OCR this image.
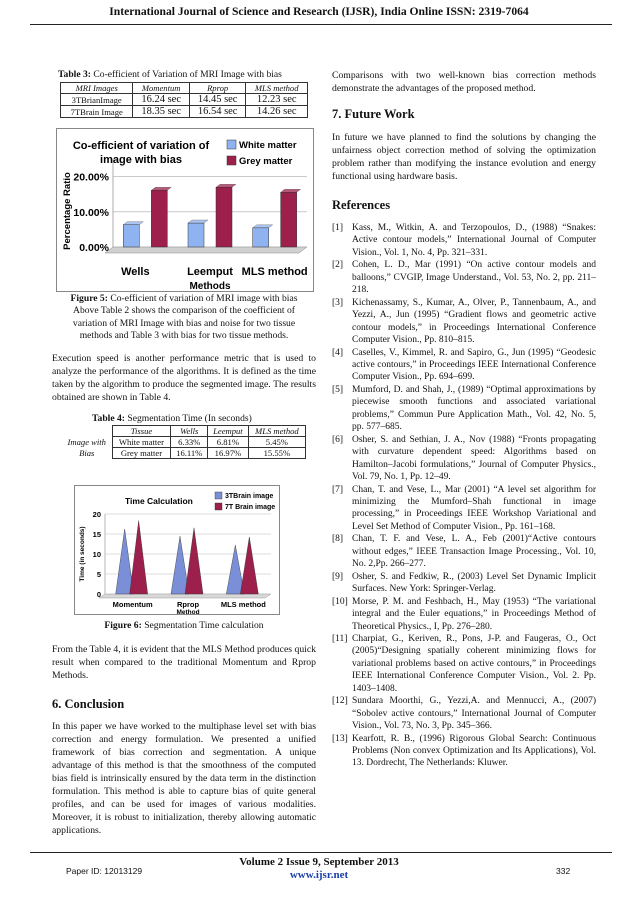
International Journal of Science and Research (IJSR), India Online ISSN: 2319-7064
Table 3: Co-efficient of Variation of MRI Image with bias
MRI Images	Momentum	Rprop	MLS method
3TBrianImage	16.24 sec	14.45 sec	12.23 sec
7TBrain Image	18.35 sec	16.54 sec	14.26 sec
Co-efficient of variation of
image with bias
White matter
Grey matter
0.00%
10.00%
20.00%
Percentage Ratio
Wells	Leemput MLS method
Methods
Figure 5: Co-efficient of variation of MRI image with bias
Above Table 2 shows the comparison of the coefficient of variation of MRI Image with bias and noise for two tissue methods and Table 3 with bias for two tissue methods.
Execution speed is another performance metric that is used to analyze the performance of the algorithms. It is defined as the time taken by the algorithm to produce the segmented image. The results obtained are shown in Table 4.
Table 4: Segmentation Time (In seconds)
	Tissue	Wells	Leemput	MLS method
Image with Bias	White matter	6.33%	6.81%	5.45%
	Grey matter	16.11%	16.97%	15.55%
Time Calculation	3TBrain image
7T Brain image
0
5
10
15
20
Time (in seconds)
Momentum	Rprop	MLS method
Method
Figure 6: Segmentation Time calculation
From the Table 4, it is evident that the MLS Method produces quick result when compared to the traditional Momentum and Rprop Methods.
6. Conclusion
In this paper we have worked to the multiphase level set with bias correction and energy formulation. We presented a unified framework of bias correction and segmentation. A unique advantage of this method is that the smoothness of the computed bias field is intrinsically ensured by the data term in the distinction formulation. This method is able to capture bias of quite general profiles, and can be used for images of various modalities. Moreover, it is robust to initialization, thereby allowing automatic applications.
Comparisons with two well-known bias correction methods demonstrate the advantages of the proposed method.
7. Future Work
In future we have planned to find the solutions by changing the unfairness object correction method of solving the optimization problem rather than modifying the instance evolution and energy functional using hardware basis.
References
[1] Kass, M., Witkin, A. and Terzopoulos, D., (1988) “Snakes: Active contour models,” International Journal of Computer Vision., Vol. 1, No. 4, Pp. 321–331.
[2] Cohen, L. D., Mar (1991) “On active contour models and balloons,” CVGIP, Image Understand., Vol. 53, No. 2, pp. 211–218.
[3] Kichenassamy, S., Kumar, A., Olver, P., Tannenbaum, A., and Yezzi, A., Jun (1995) “Gradient flows and geometric active contour models,” in Proceedings International Conference Computer Vision., Pp. 810–815.
[4] Caselles, V., Kimmel, R. and Sapiro, G., Jun (1995) “Geodesic active contours,” in Proceedings IEEE International Conference Computer Vision., Pp. 694–699.
[5] Mumford, D. and Shah, J., (1989) “Optimal approximations by piecewise smooth functions and associated variational problems,” Commun Pure Application Math., Vol. 42, No. 5, pp. 577–685.
[6] Osher, S. and Sethian, J. A., Nov (1988) “Fronts propagating with curvature dependent speed: Algorithms based on Hamilton–Jacobi formulations,” Journal of Computer Physics., Vol. 79, No. 1, Pp. 12–49.
[7] Chan, T. and Vese, L., Mar (2001) “A level set algorithm for minimizing the Mumford–Shah functional in image processing,” in Proceedings IEEE Workshop Variational and Level Set Method of Computer Vision., Pp. 161–168.
[8] Chan, T. F. and Vese, L. A., Feb (2001)“Active contours without edges,” IEEE Transaction Image Processing., Vol. 10, No. 2,Pp. 266–277.
[9] Osher, S. and Fedkiw, R., (2003) Level Set Dynamic Implicit Surfaces. New York: Springer-Verlag.
[10] Morse, P. M. and Feshbach, H., May (1953) “The variational integral and the Euler equations,” in Proceedings Method of Theoretical Physics., I, Pp. 276–280.
[11] Charpiat, G., Keriven, R., Pons, J-P. and Faugeras, O., Oct (2005)“Designing spatially coherent minimizing flows for variational problems based on active contours,” in Proceedings IEEE International Conference Computer Vision., Vol. 2. Pp. 1403–1408.
[12] Sundara Moorthi, G., Yezzi,A. and Mennucci, A., (2007) “Sobolev active contours,” International Journal of Computer Vision., Vol. 73, No. 3, Pp. 345–366.
[13] Kearfott, R. B., (1996) Rigorous Global Search: Continuous Problems (Non convex Optimization and Its Applications), Vol. 13. Dordrecht, The Netherlands: Kluwer.
Volume 2 Issue 9, September 2013
www.ijsr.net
Paper ID: 12013129	332
